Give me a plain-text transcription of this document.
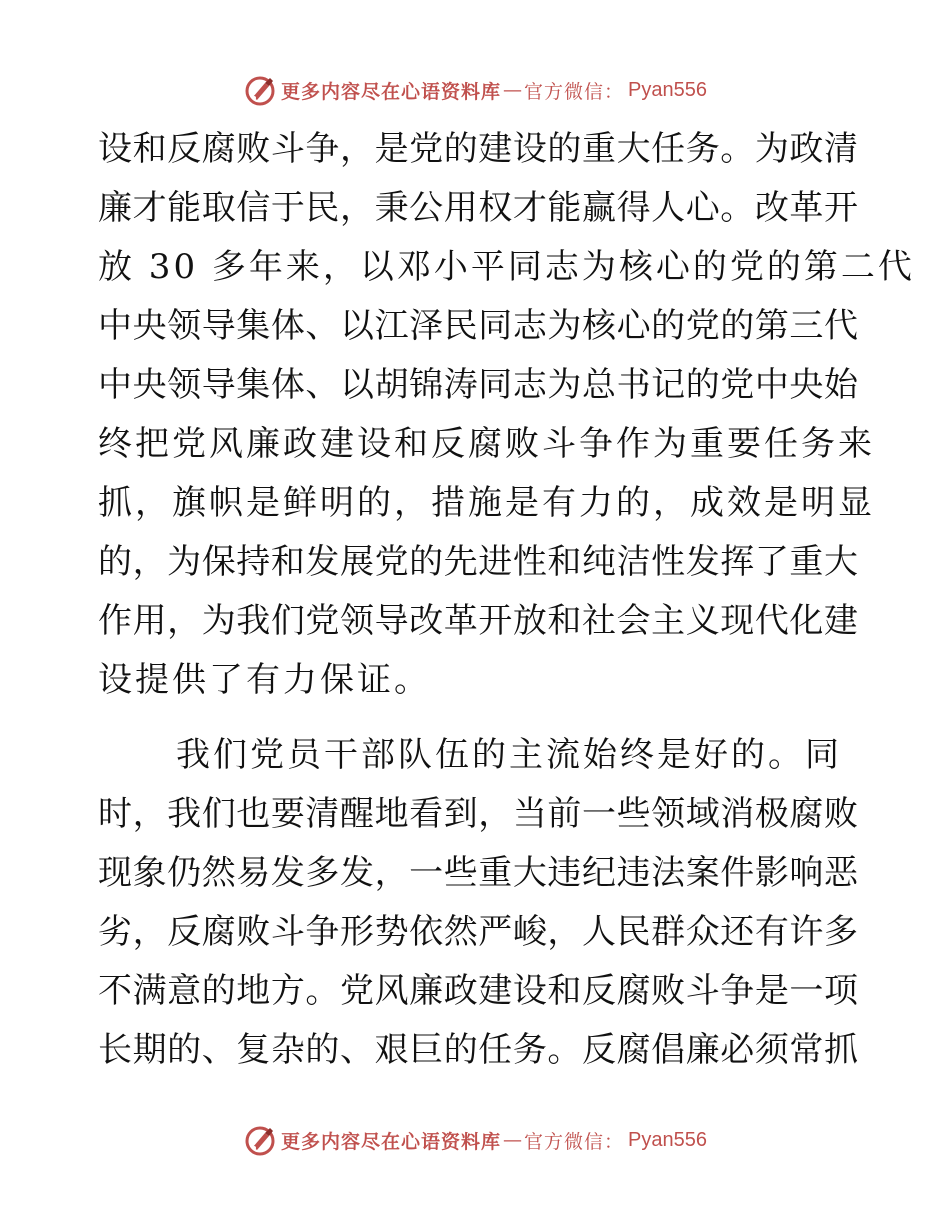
更多内容尽在心语资料库 — 官方微信： Pyan556
设和反腐败斗争，是党的建设的重大任务。为政清
廉才能取信于民，秉公用权才能赢得人心。改革开
放 30 多年来，以邓小平同志为核心的党的第二代
中央领导集体、以江泽民同志为核心的党的第三代
中央领导集体、以胡锦涛同志为总书记的党中央始
终把党风廉政建设和反腐败斗争作为重要任务来
抓，旗帜是鲜明的，措施是有力的，成效是明显
的，为保持和发展党的先进性和纯洁性发挥了重大
作用，为我们党领导改革开放和社会主义现代化建
设提供了有力保证。
我们党员干部队伍的主流始终是好的。同
时，我们也要清醒地看到，当前一些领域消极腐败
现象仍然易发多发，一些重大违纪违法案件影响恶
劣，反腐败斗争形势依然严峻，人民群众还有许多
不满意的地方。党风廉政建设和反腐败斗争是一项
长期的、复杂的、艰巨的任务。反腐倡廉必须常抓
更多内容尽在心语资料库 — 官方微信： Pyan556
